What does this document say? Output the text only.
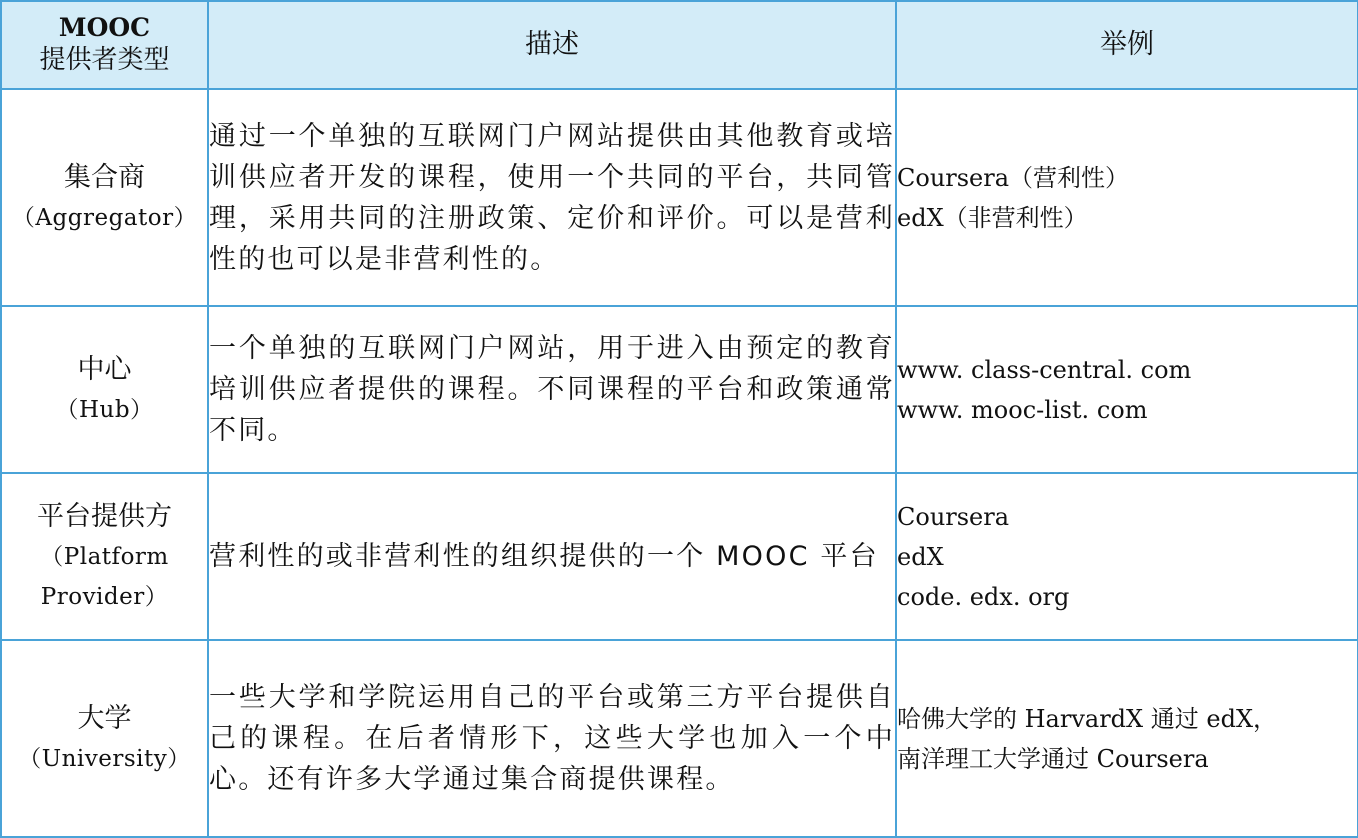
MOOC
提供者类型	描述	举例

集合商
（Aggregator）	通过一个单独的互联网门户网站提供由其他教育或培训供应者开发的课程，使用一个共同的平台，共同管理，采用共同的注册政策、定价和评价。可以是营利性的也可以是非营利性的。	Coursera（营利性）
edX（非营利性）

中心
（Hub）	一个单独的互联网门户网站，用于进入由预定的教育培训供应者提供的课程。不同课程的平台和政策通常不同。	www. class-central. com
www. mooc-list. com

平台提供方
（Platform
Provider）	营利性的或非营利性的组织提供的一个 MOOC 平台	Coursera
edX
code. edx. org

大学
（University）	一些大学和学院运用自己的平台或第三方平台提供自己的课程。在后者情形下，这些大学也加入一个中心。还有许多大学通过集合商提供课程。	哈佛大学的 HarvardX 通过 edX，
南洋理工大学通过 Coursera
